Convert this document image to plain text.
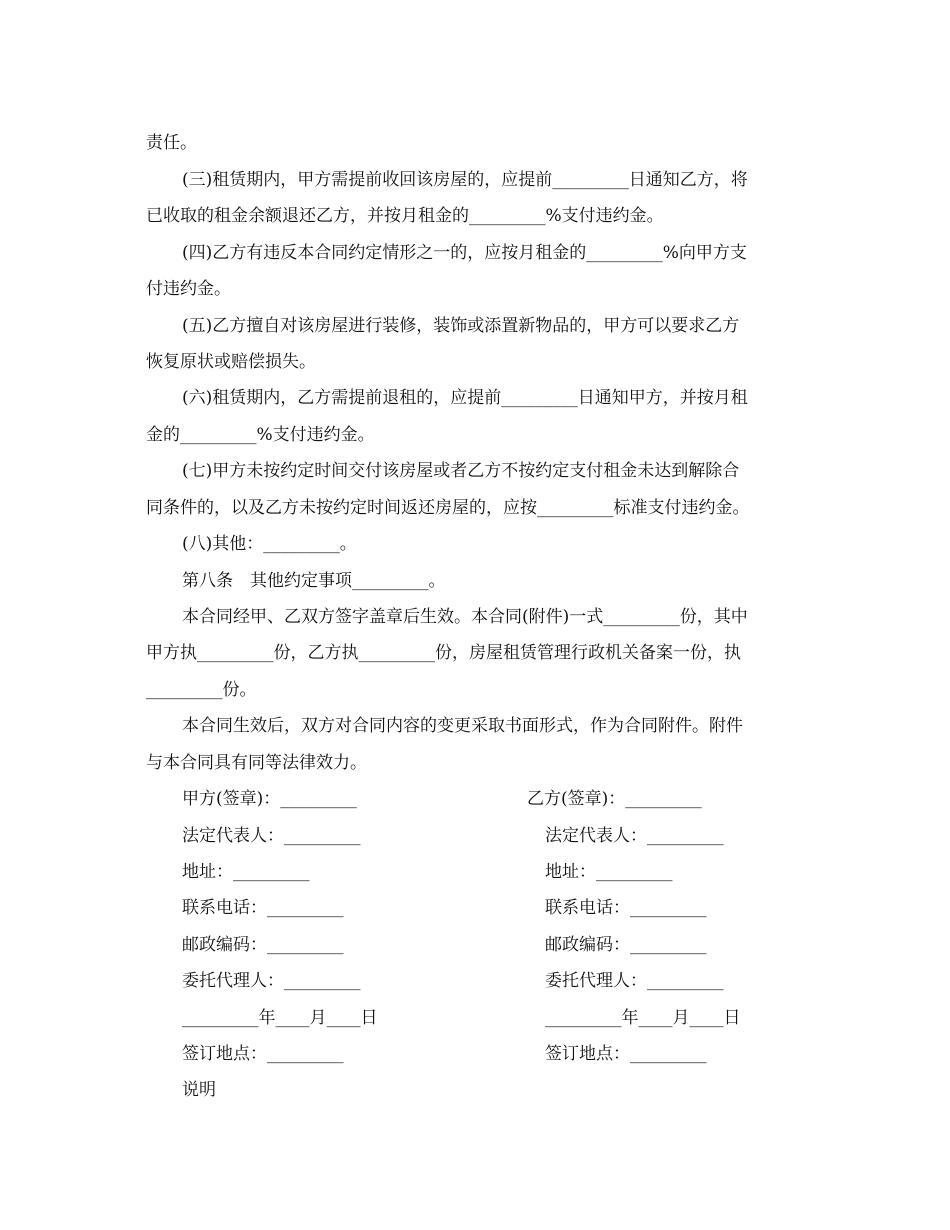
责任。
(三)租赁期内，甲方需提前收回该房屋的，应提前_________日通知乙方，将
已收取的租金余额退还乙方，并按月租金的_________%支付违约金。
(四)乙方有违反本合同约定情形之一的，应按月租金的_________%向甲方支
付违约金。
(五)乙方擅自对该房屋进行装修，装饰或添置新物品的，甲方可以要求乙方
恢复原状或赔偿损失。
(六)租赁期内，乙方需提前退租的，应提前_________日通知甲方，并按月租
金的_________%支付违约金。
(七)甲方未按约定时间交付该房屋或者乙方不按约定支付租金未达到解除合
同条件的，以及乙方未按约定时间返还房屋的，应按_________标准支付违约金。
(八)其他：_________。
第八条　其他约定事项_________。
本合同经甲、乙双方签字盖章后生效。本合同(附件)一式_________份，其中
甲方执_________份，乙方执_________份，房屋租赁管理行政机关备案一份，执
_________份。
本合同生效后，双方对合同内容的变更采取书面形式，作为合同附件。附件
与本合同具有同等法律效力。
甲方(签章)：_________	乙方(签章)：_________
法定代表人：_________	法定代表人：_________
地址：_________	地址：_________
联系电话：_________	联系电话：_________
邮政编码：_________	邮政编码：_________
委托代理人：_________	委托代理人：_________
_________年____月____日	_________年____月____日
签订地点：_________	签订地点：_________
说明
